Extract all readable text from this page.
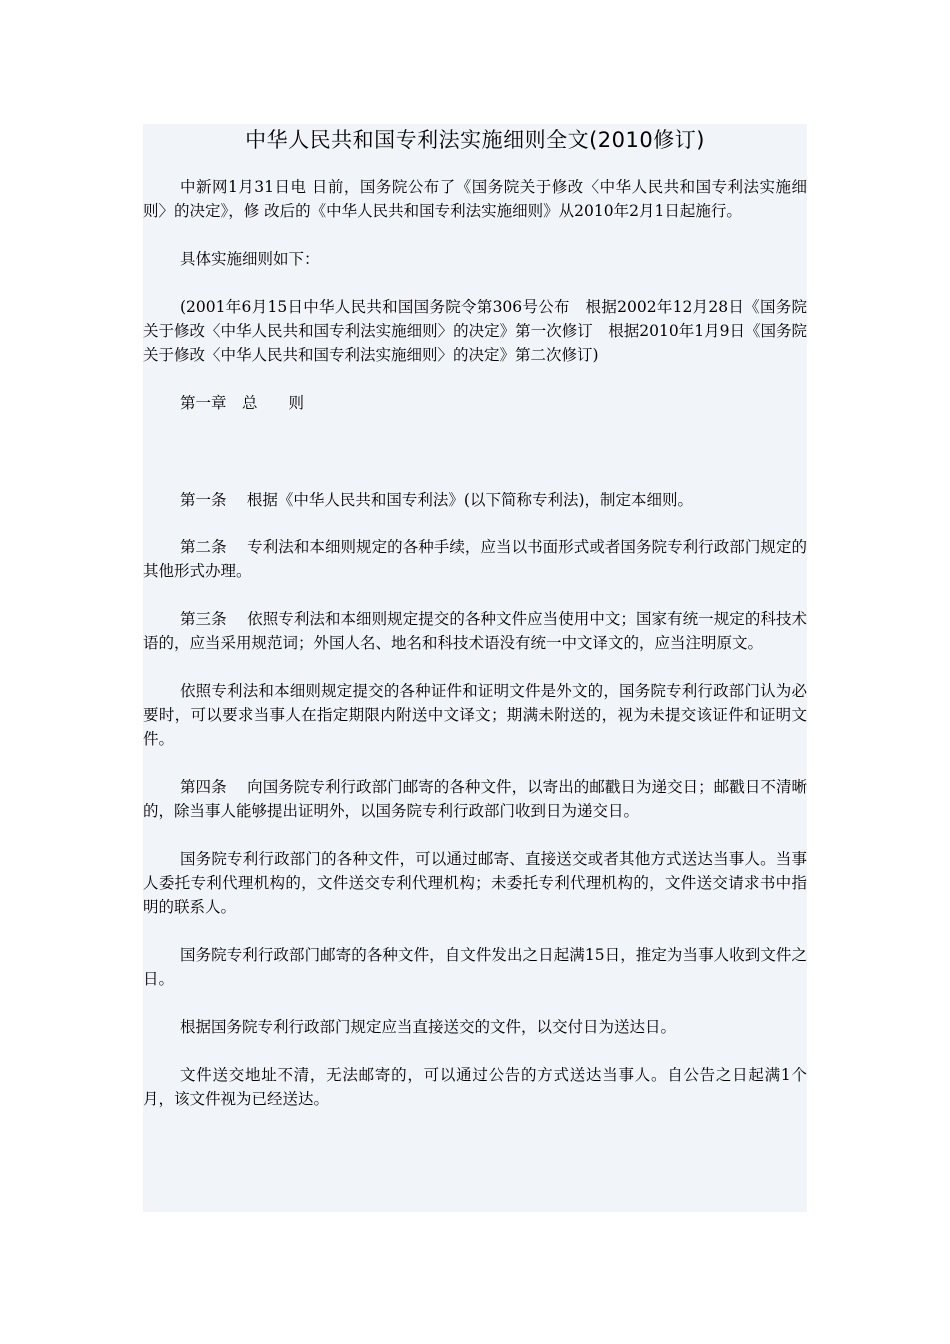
中华人民共和国专利法实施细则全文(2010修订)

中新网1月31日电 日前，国务院公布了《国务院关于修改〈中华人民共和国专利法实施细则〉的决定》，修 改后的《中华人民共和国专利法实施细则》从2010年2月1日起施行。

具体实施细则如下：

(2001年6月15日中华人民共和国国务院令第306号公布　根据2002年12月28日《国务院关于修改〈中华人民共和国专利法实施细则〉的决定》第一次修订　根据2010年1月9日《国务院关于修改〈中华人民共和国专利法实施细则〉的决定》第二次修订)

第一章　总　　则

第一条　 根据《中华人民共和国专利法》(以下简称专利法)，制定本细则。

第二条　 专利法和本细则规定的各种手续，应当以书面形式或者国务院专利行政部门规定的其他形式办理。

第三条　 依照专利法和本细则规定提交的各种文件应当使用中文；国家有统一规定的科技术语的，应当采用规范词；外国人名、地名和科技术语没有统一中文译文的，应当注明原文。

依照专利法和本细则规定提交的各种证件和证明文件是外文的，国务院专利行政部门认为必要时，可以要求当事人在指定期限内附送中文译文；期满未附送的，视为未提交该证件和证明文件。

第四条　 向国务院专利行政部门邮寄的各种文件，以寄出的邮戳日为递交日；邮戳日不清晰的，除当事人能够提出证明外，以国务院专利行政部门收到日为递交日。

国务院专利行政部门的各种文件，可以通过邮寄、直接送交或者其他方式送达当事人。当事人委托专利代理机构的，文件送交专利代理机构；未委托专利代理机构的，文件送交请求书中指明的联系人。

国务院专利行政部门邮寄的各种文件，自文件发出之日起满15日，推定为当事人收到文件之日。

根据国务院专利行政部门规定应当直接送交的文件，以交付日为送达日。

文件送交地址不清，无法邮寄的，可以通过公告的方式送达当事人。自公告之日起满1个月，该文件视为已经送达。
